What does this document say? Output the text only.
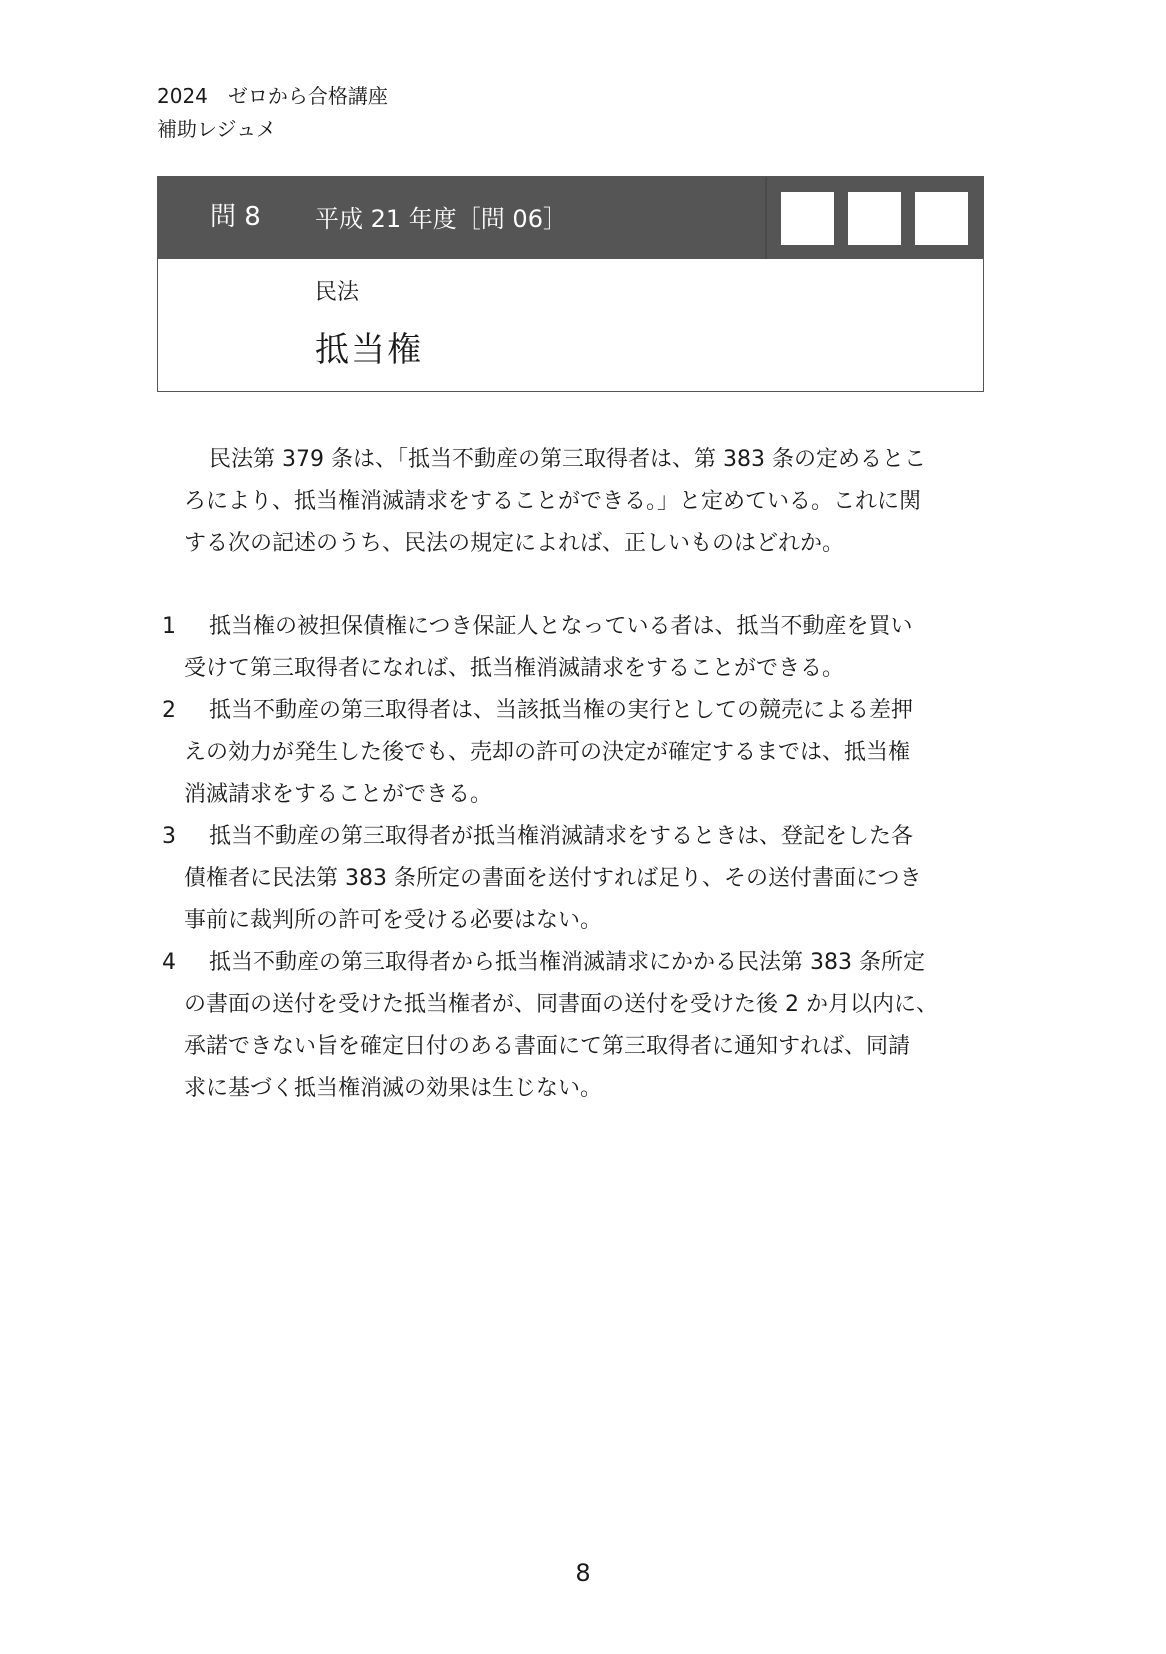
2024　ゼロから合格講座
補助レジュメ
問 8 平成 21 年度［問 06］
民法
抵当権
民法第 379 条は、「抵当不動産の第三取得者は、第 383 条の定めるとこ
ろにより、抵当権消滅請求をすることができる。」と定めている。これに関
する次の記述のうち、民法の規定によれば、正しいものはどれか。
1 抵当権の被担保債権につき保証人となっている者は、抵当不動産を買い
受けて第三取得者になれば、抵当権消滅請求をすることができる。
2 抵当不動産の第三取得者は、当該抵当権の実行としての競売による差押
えの効力が発生した後でも、売却の許可の決定が確定するまでは、抵当権
消滅請求をすることができる。
3 抵当不動産の第三取得者が抵当権消滅請求をするときは、登記をした各
債権者に民法第 383 条所定の書面を送付すれば足り、その送付書面につき
事前に裁判所の許可を受ける必要はない。
4 抵当不動産の第三取得者から抵当権消滅請求にかかる民法第 383 条所定
の書面の送付を受けた抵当権者が、同書面の送付を受けた後 2 か月以内に、
承諾できない旨を確定日付のある書面にて第三取得者に通知すれば、同請
求に基づく抵当権消滅の効果は生じない。
8
